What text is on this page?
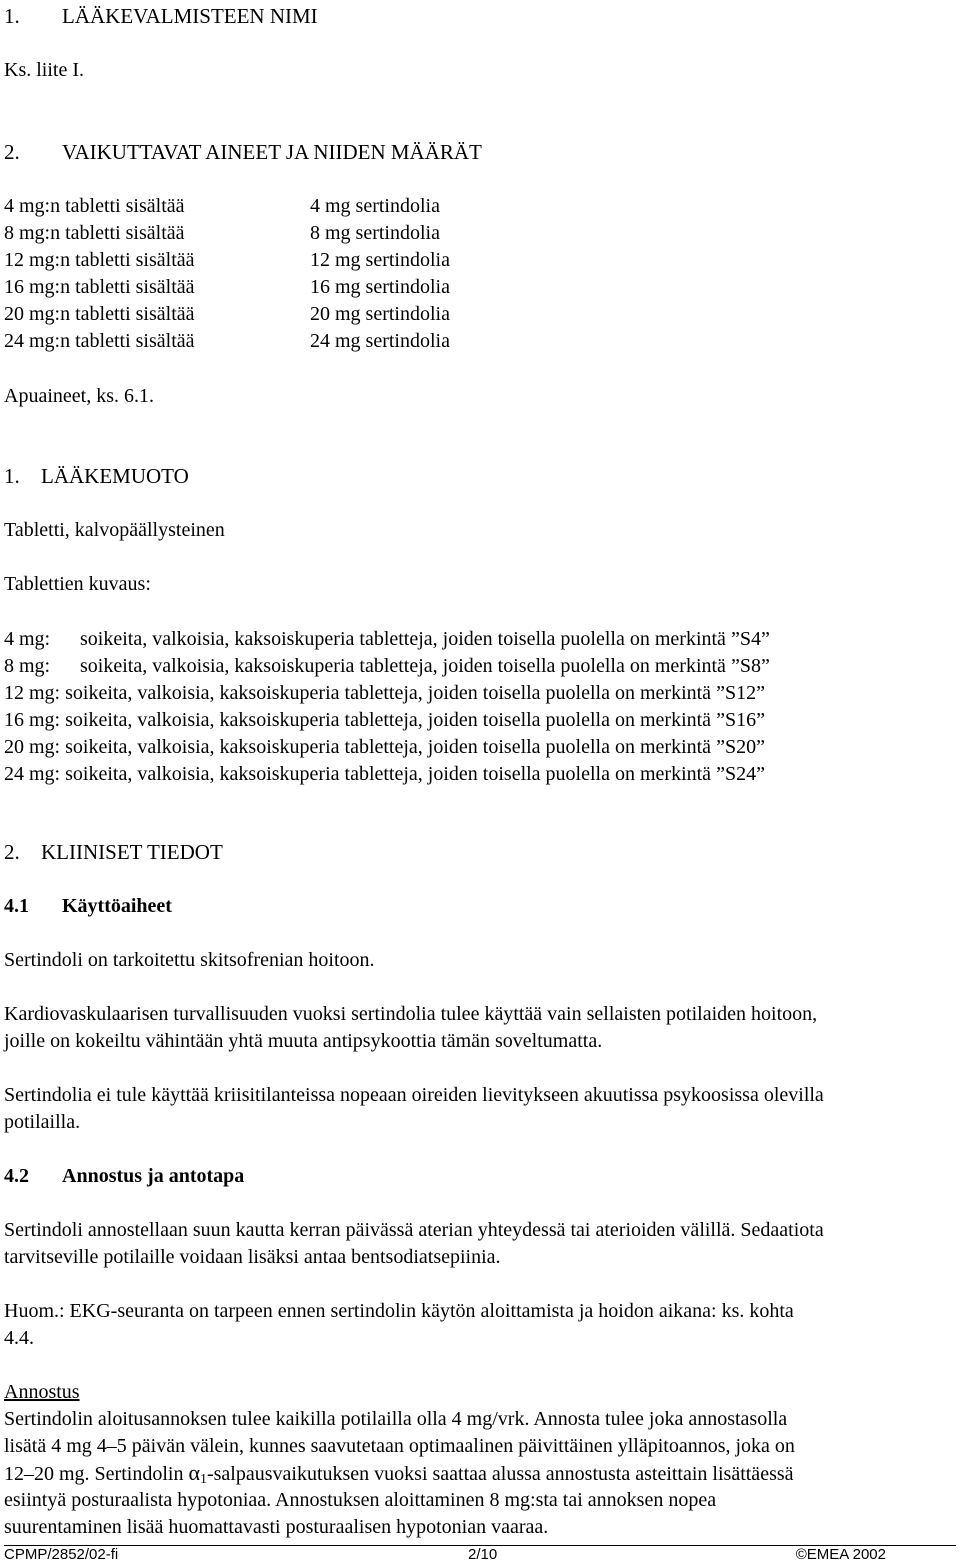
1. LÄÄKEVALMISTEEN NIMI
Ks. liite I.
2. VAIKUTTAVAT AINEET JA NIIDEN MÄÄRÄT
4 mg:n tabletti sisältää	4 mg sertindolia
8 mg:n tabletti sisältää	8 mg sertindolia
12 mg:n tabletti sisältää	12 mg sertindolia
16 mg:n tabletti sisältää	16 mg sertindolia
20 mg:n tabletti sisältää	20 mg sertindolia
24 mg:n tabletti sisältää	24 mg sertindolia
Apuaineet, ks. 6.1.
1. LÄÄKEMUOTO
Tabletti, kalvopäällysteinen
Tablettien kuvaus:
4 mg: soikeita, valkoisia, kaksoiskuperia tabletteja, joiden toisella puolella on merkintä ”S4”
8 mg: soikeita, valkoisia, kaksoiskuperia tabletteja, joiden toisella puolella on merkintä ”S8”
12 mg: soikeita, valkoisia, kaksoiskuperia tabletteja, joiden toisella puolella on merkintä ”S12”
16 mg: soikeita, valkoisia, kaksoiskuperia tabletteja, joiden toisella puolella on merkintä ”S16”
20 mg: soikeita, valkoisia, kaksoiskuperia tabletteja, joiden toisella puolella on merkintä ”S20”
24 mg: soikeita, valkoisia, kaksoiskuperia tabletteja, joiden toisella puolella on merkintä ”S24”
2. KLIINISET TIEDOT
4.1 Käyttöaiheet
Sertindoli on tarkoitettu skitsofrenian hoitoon.
Kardiovaskulaarisen turvallisuuden vuoksi sertindolia tulee käyttää vain sellaisten potilaiden hoitoon,
joille on kokeiltu vähintään yhtä muuta antipsykoottia tämän soveltumatta.
Sertindolia ei tule käyttää kriisitilanteissa nopeaan oireiden lievitykseen akuutissa psykoosissa olevilla
potilailla.
4.2 Annostus ja antotapa
Sertindoli annostellaan suun kautta kerran päivässä aterian yhteydessä tai aterioiden välillä. Sedaatiota
tarvitseville potilaille voidaan lisäksi antaa bentsodiatsepiinia.
Huom.: EKG-seuranta on tarpeen ennen sertindolin käytön aloittamista ja hoidon aikana: ks. kohta
4.4.
Annostus
Sertindolin aloitusannoksen tulee kaikilla potilailla olla 4 mg/vrk. Annosta tulee joka annostasolla
lisätä 4 mg 4–5 päivän välein, kunnes saavutetaan optimaalinen päivittäinen ylläpitoannos, joka on
12–20 mg. Sertindolin $\alpha_1$-salpausvaikutuksen vuoksi saattaa alussa annostusta asteittain lisättäessä
esiintyä posturaalista hypotoniaa. Annostuksen aloittaminen 8 mg:sta tai annoksen nopea
suurentaminen lisää huomattavasti posturaalisen hypotonian vaaraa.
CPMP/2852/02-fi	2/10	©EMEA 2002
